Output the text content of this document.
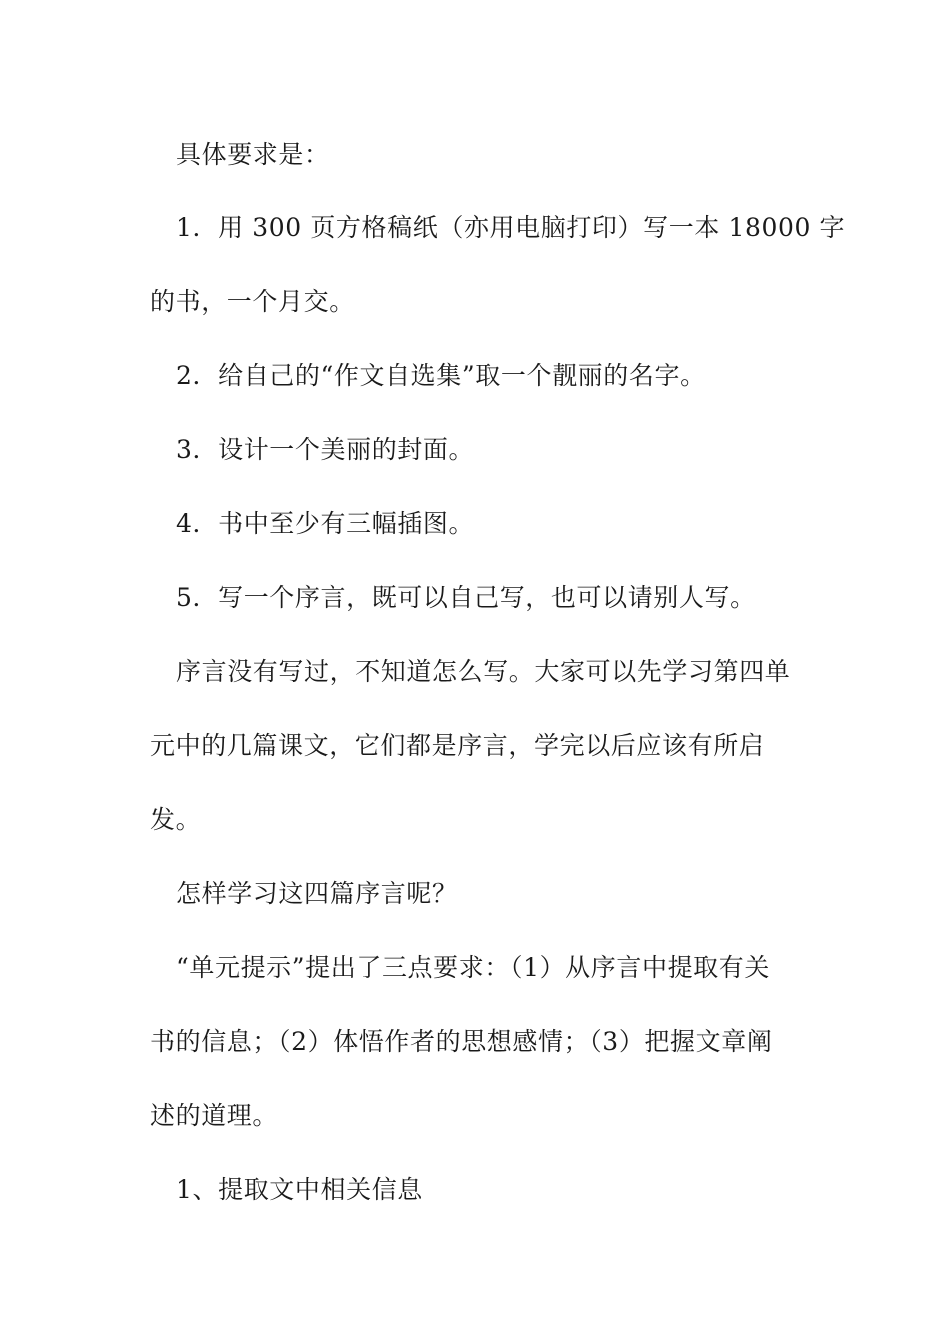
具体要求是：
1．用 300 页方格稿纸（亦用电脑打印）写一本 18000 字
的书，一个月交。
2．给自己的“作文自选集”取一个靓丽的名字。
3．设计一个美丽的封面。
4．书中至少有三幅插图。
5．写一个序言，既可以自己写，也可以请别人写。
序言没有写过，不知道怎么写。大家可以先学习第四单
元中的几篇课文，它们都是序言，学完以后应该有所启
发。
怎样学习这四篇序言呢？
“单元提示”提出了三点要求：（1）从序言中提取有关
书的信息；（2）体悟作者的思想感情；（3）把握文章阐
述的道理。
1、提取文中相关信息
